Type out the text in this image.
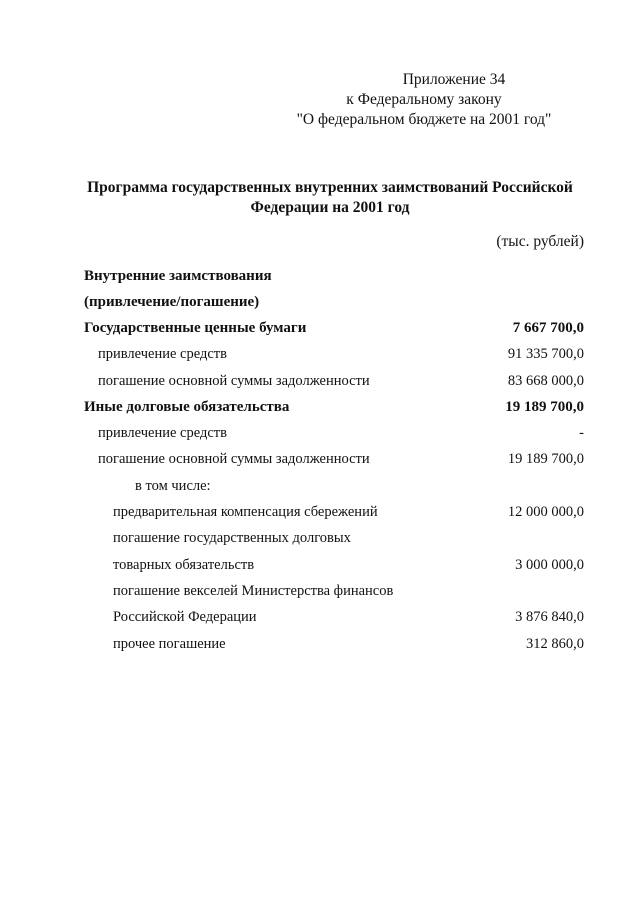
Приложение 34
к Федеральному закону
"О федеральном бюджете на 2001 год"
Программа государственных внутренних заимствований Российской
Федерации на 2001 год
(тыс. рублей)
Внутренние заимствования
(привлечение/погашение)
Государственные ценные бумаги	7 667 700,0
привлечение средств	91 335 700,0
погашение основной суммы задолженности	83 668 000,0
Иные долговые обязательства	19 189 700,0
привлечение средств	-
погашение основной суммы задолженности	19 189 700,0
в том числе:
предварительная компенсация сбережений	12 000 000,0
погашение государственных долговых
товарных обязательств	3 000 000,0
погашение векселей Министерства финансов
Российской Федерации	3 876 840,0
прочее погашение	312 860,0
